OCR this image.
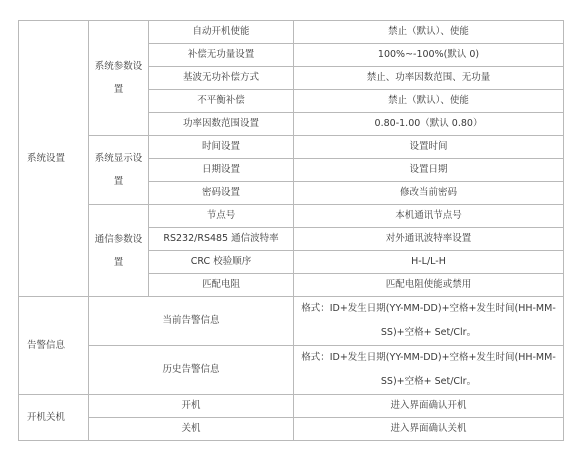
系统设置	系统参数设置	自动开机使能	禁止（默认）、使能
		补偿无功量设置	100%~-100%(默认 0)
		基波无功补偿方式	禁止、功率因数范围、无功量
		不平衡补偿	禁止（默认）、使能
		功率因数范围设置	0.80-1.00（默认 0.80）
	系统显示设置	时间设置	设置时间
		日期设置	设置日期
		密码设置	修改当前密码
	通信参数设置	节点号	本机通讯节点号
		RS232/RS485 通信波特率	对外通讯波特率设置
		CRC 校验顺序	H-L/L-H
		匹配电阻	匹配电阻使能或禁用
告警信息	当前告警信息		格式：ID+发生日期(YY-MM-DD)+空格+发生时间(HH-MM-SS)+空格+ Set/Clr。
	历史告警信息		格式：ID+发生日期(YY-MM-DD)+空格+发生时间(HH-MM-SS)+空格+ Set/Clr。
开机关机	开机		进入界面确认开机
	关机		进入界面确认关机
